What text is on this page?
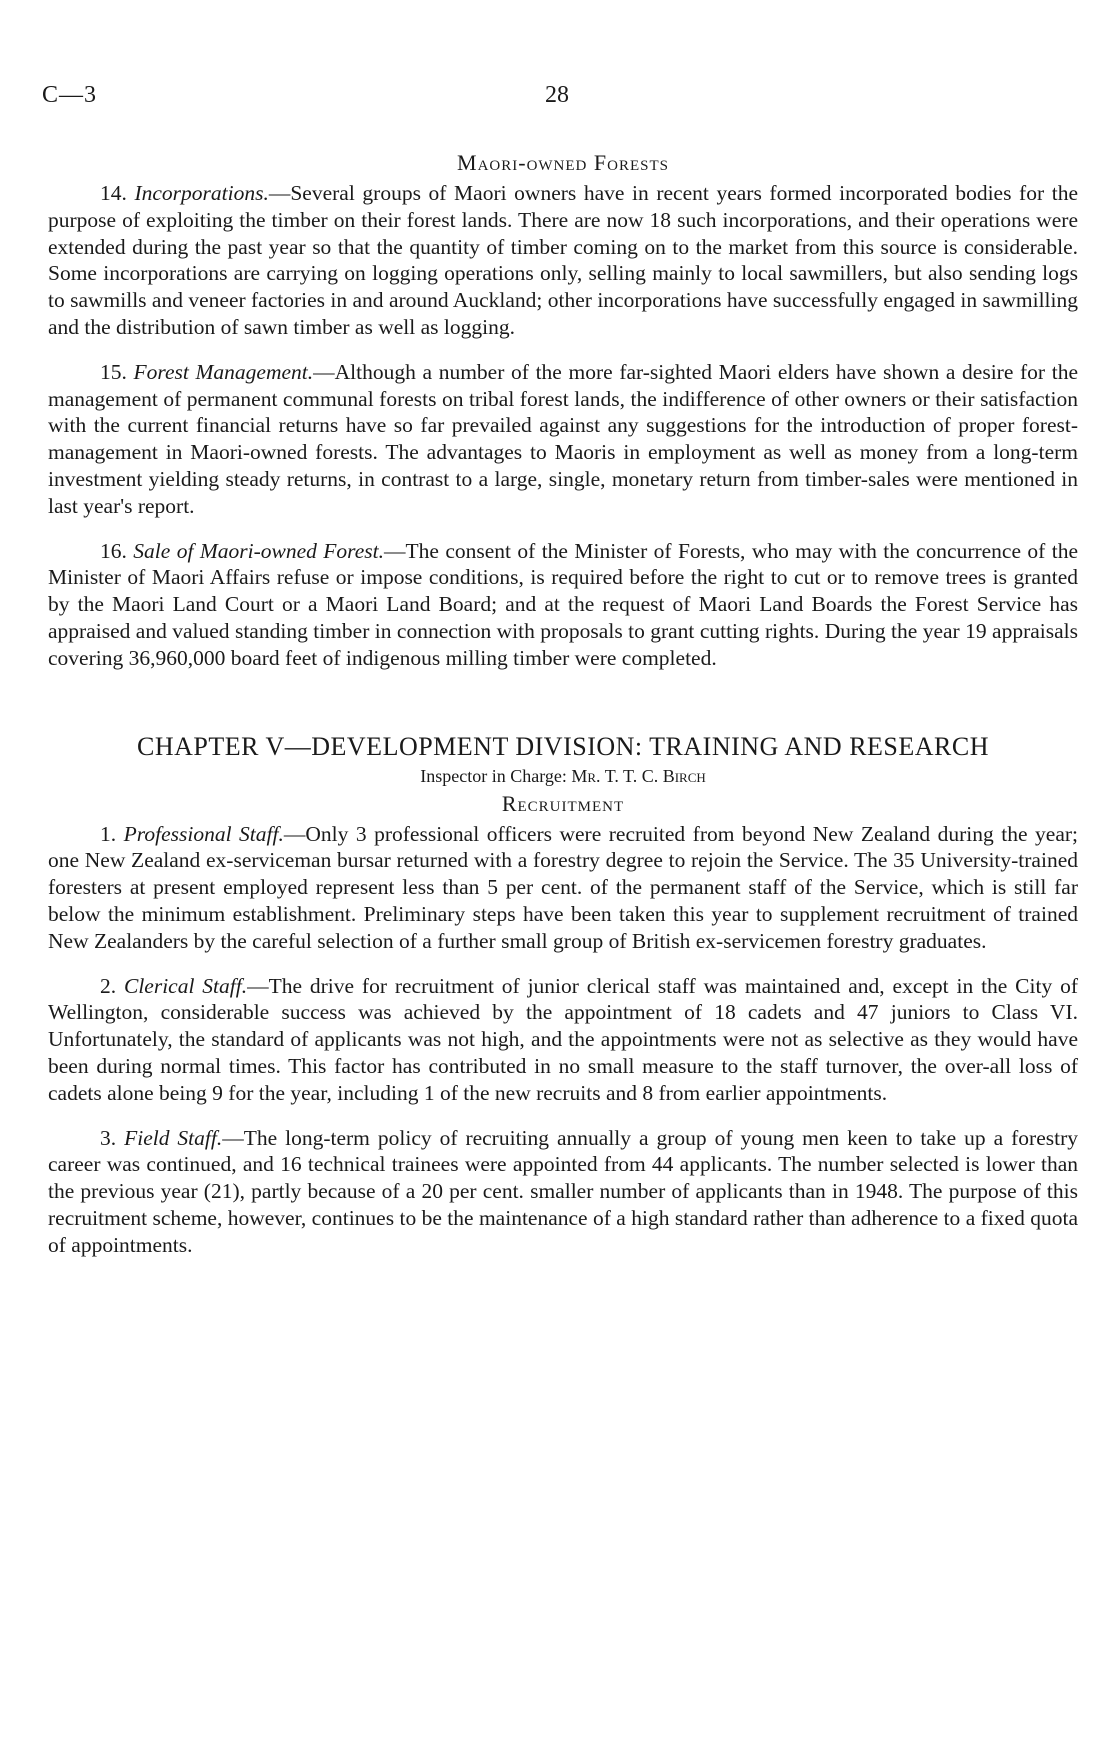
C—3	28
Maori-owned Forests

14. Incorporations.—Several groups of Maori owners have in recent years formed incorporated bodies for the purpose of exploiting the timber on their forest lands. There are now 18 such incorporations, and their operations were extended during the past year so that the quantity of timber coming on to the market from this source is considerable. Some incorporations are carrying on logging operations only, selling mainly to local sawmillers, but also sending logs to sawmills and veneer factories in and around Auckland; other incorporations have successfully engaged in sawmilling and the distribution of sawn timber as well as logging.

15. Forest Management.—Although a number of the more far-sighted Maori elders have shown a desire for the management of permanent communal forests on tribal forest lands, the indifference of other owners or their satisfaction with the current financial returns have so far prevailed against any suggestions for the introduction of proper forest-management in Maori-owned forests. The advantages to Maoris in employment as well as money from a long-term investment yielding steady returns, in contrast to a large, single, monetary return from timber-sales were mentioned in last year's report.

16. Sale of Maori-owned Forest.—The consent of the Minister of Forests, who may with the concurrence of the Minister of Maori Affairs refuse or impose conditions, is required before the right to cut or to remove trees is granted by the Maori Land Court or a Maori Land Board; and at the request of Maori Land Boards the Forest Service has appraised and valued standing timber in connection with proposals to grant cutting rights. During the year 19 appraisals covering 36,960,000 board feet of indigenous milling timber were completed.

CHAPTER V—DEVELOPMENT DIVISION: TRAINING AND RESEARCH
Inspector in Charge: Mr. T. T. C. Birch
Recruitment

1. Professional Staff.—Only 3 professional officers were recruited from beyond New Zealand during the year; one New Zealand ex-serviceman bursar returned with a forestry degree to rejoin the Service. The 35 University-trained foresters at present employed represent less than 5 per cent. of the permanent staff of the Service, which is still far below the minimum establishment. Preliminary steps have been taken this year to supplement recruitment of trained New Zealanders by the careful selection of a further small group of British ex-servicemen forestry graduates.

2. Clerical Staff.—The drive for recruitment of junior clerical staff was maintained and, except in the City of Wellington, considerable success was achieved by the appointment of 18 cadets and 47 juniors to Class VI. Unfortunately, the standard of applicants was not high, and the appointments were not as selective as they would have been during normal times. This factor has contributed in no small measure to the staff turnover, the over-all loss of cadets alone being 9 for the year, including 1 of the new recruits and 8 from earlier appointments.

3. Field Staff.—The long-term policy of recruiting annually a group of young men keen to take up a forestry career was continued, and 16 technical trainees were appointed from 44 applicants. The number selected is lower than the previous year (21), partly because of a 20 per cent. smaller number of applicants than in 1948. The purpose of this recruitment scheme, however, continues to be the maintenance of a high standard rather than adherence to a fixed quota of appointments.
